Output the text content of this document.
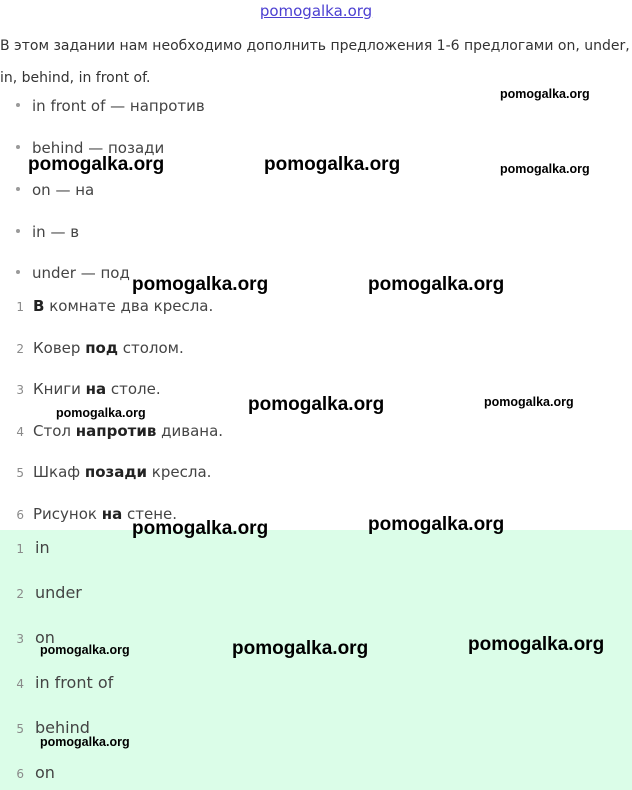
pomogalka.org
В этом задании нам необходимо дополнить предложения 1-6 предлогами on, under, in, behind, in front of.
in front of — напротив
behind — позади
on — на
in — в
under — под
1 В комнате два кресла.
2 Ковер под столом.
3 Книги на столе.
4 Стол напротив дивана.
5 Шкаф позади кресла.
6 Рисунок на стене.
1 in
2 under
3 on
4 in front of
5 behind
6 on
pomogalka.org
pomogalka.org	pomogalka.org	pomogalka.org
pomogalka.org	pomogalka.org
pomogalka.org
pomogalka.org
pomogalka.org
pomogalka.org
pomogalka.org
pomogalka.org
pomogalka.org
pomogalka.org
pomogalka.org
